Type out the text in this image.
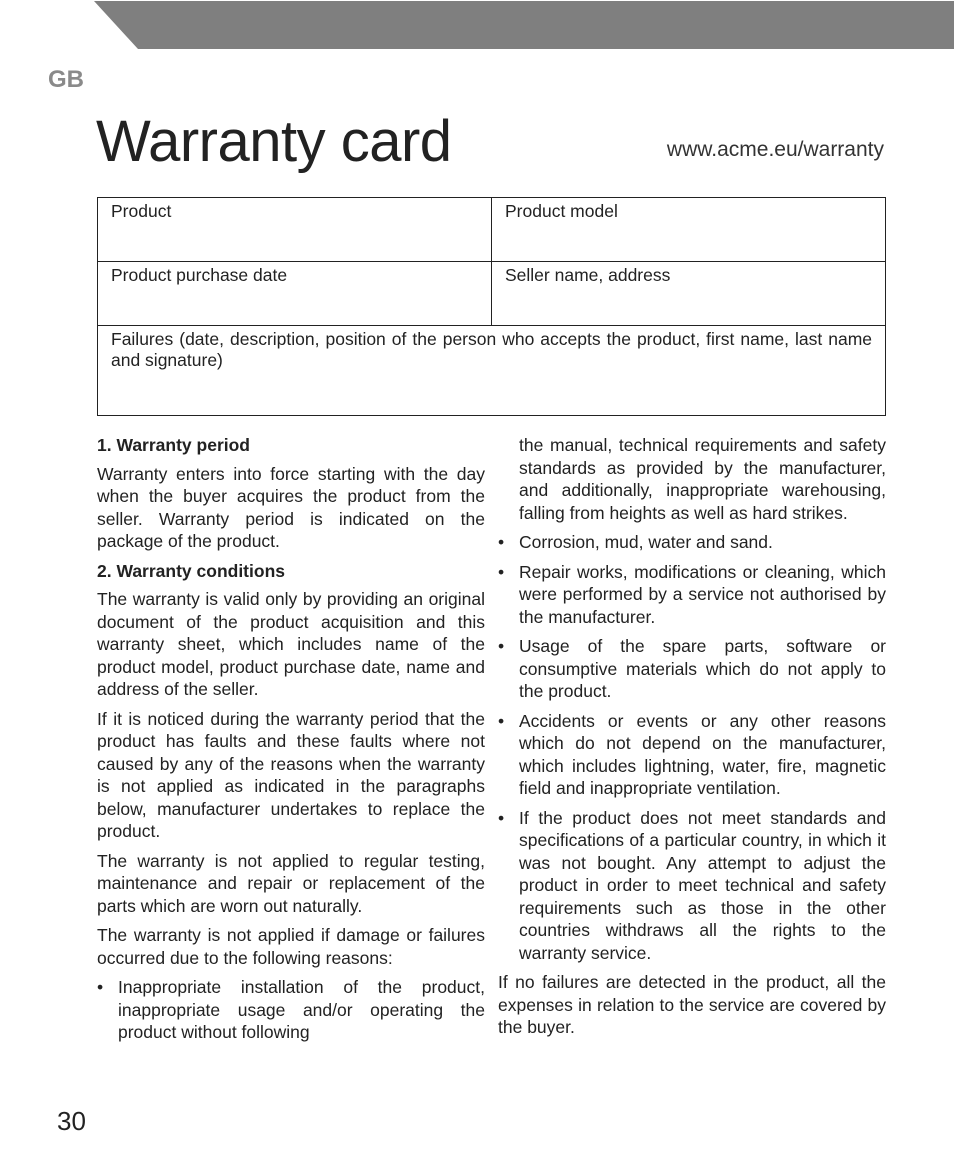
GB
Warranty card	www.acme.eu/warranty
Product	Product model
Product purchase date	Seller name, address
Failures (date, description, position of the person who accepts the product, first name, last name and signature)
1. Warranty period

Warranty enters into force starting with the day when the buyer acquires the product from the seller. Warranty period is indicated on the package of the product.

2. Warranty conditions

The warranty is valid only by providing an original document of the product acquisition and this warranty sheet, which includes name of the product model, product purchase date, name and address of the seller.

If it is noticed during the warranty period that the product has faults and these faults where not caused by any of the reasons when the warranty is not applied as indicated in the paragraphs below, manufacturer undertakes to replace the product.

The warranty is not applied to regular testing, maintenance and repair or replacement of the parts which are worn out naturally.

The warranty is not applied if damage or failures occurred due to the following reasons:

• Inappropriate installation of the product, inappropriate usage and/or operating the product without following
the manual, technical requirements and safety standards as provided by the manufacturer, and additionally, inappropriate warehousing, falling from heights as well as hard strikes.
• Corrosion, mud, water and sand.
• Repair works, modifications or cleaning, which were performed by a service not authorised by the manufacturer.
• Usage of the spare parts, software or consumptive materials which do not apply to the product.
• Accidents or events or any other reasons which do not depend on the manufacturer, which includes lightning, water, fire, magnetic field and inappropriate ventilation.
• If the product does not meet standards and specifications of a particular country, in which it was not bought. Any attempt to adjust the product in order to meet technical and safety requirements such as those in the other countries withdraws all the rights to the warranty service.

If no failures are detected in the product, all the expenses in relation to the service are covered by the buyer.

30
